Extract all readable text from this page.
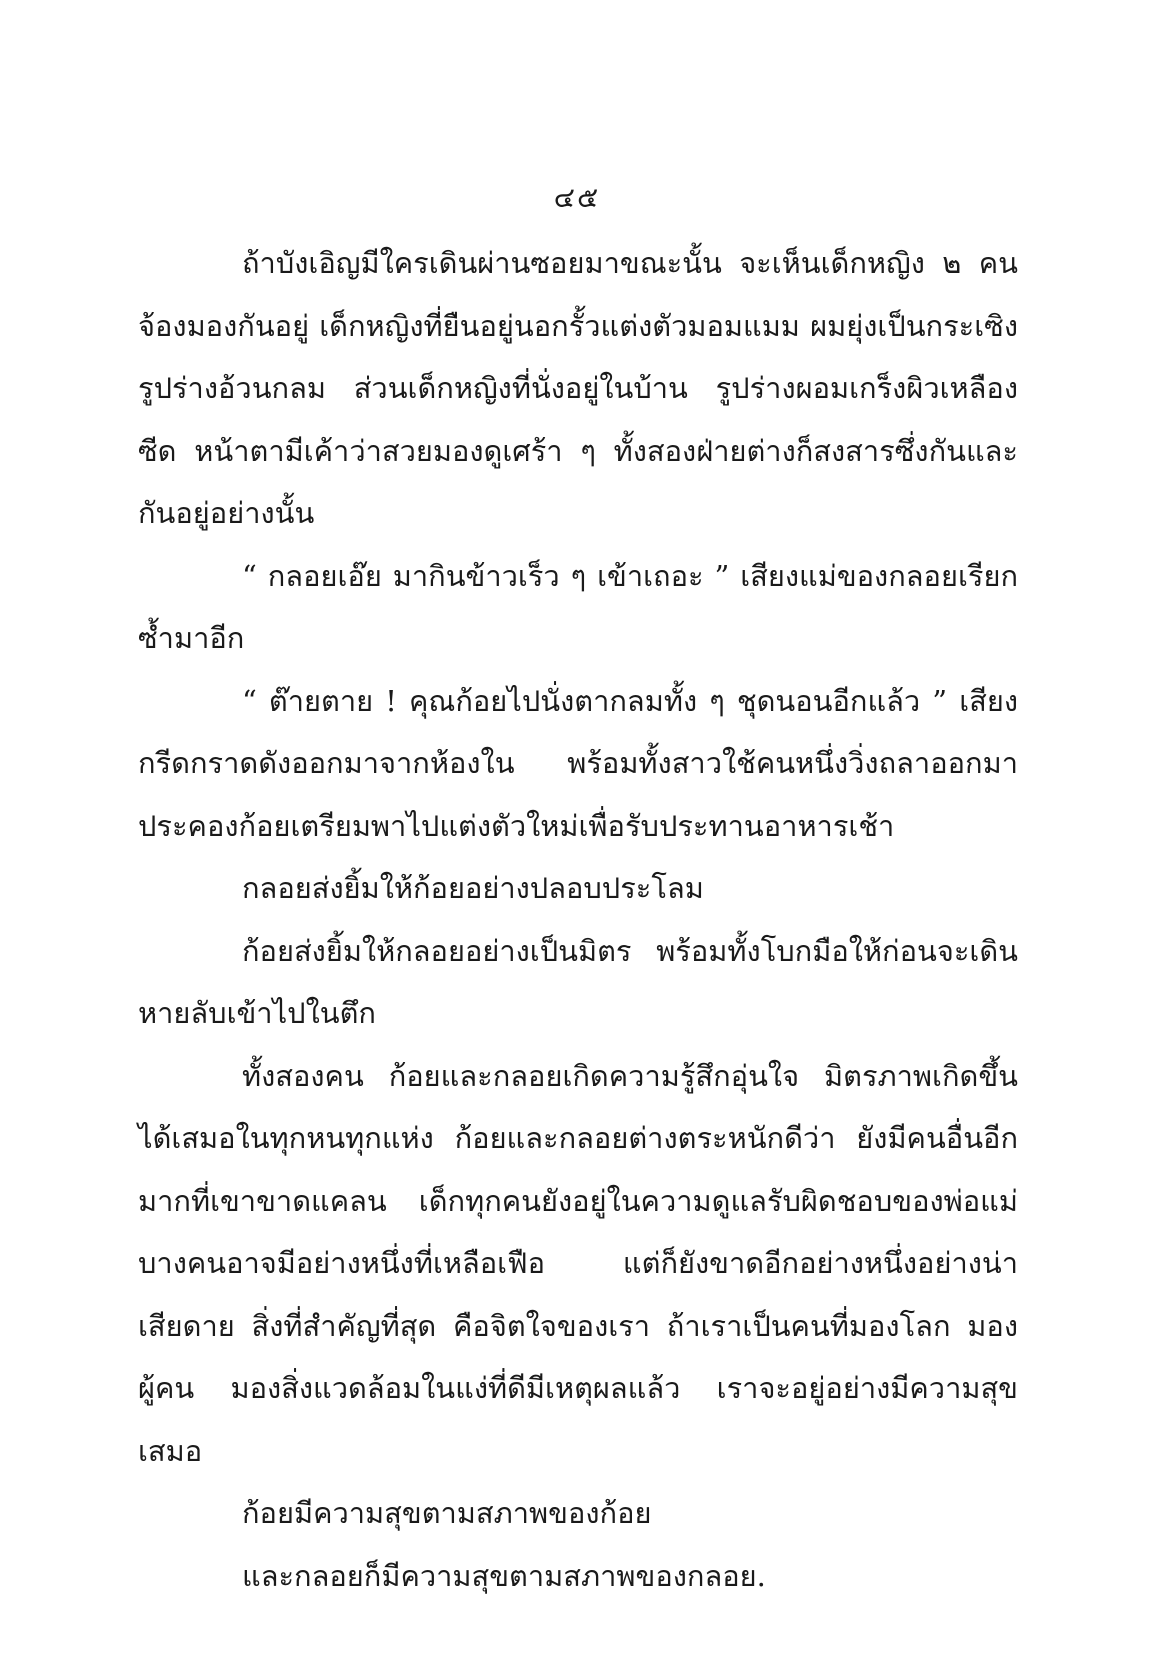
๔๕

ถ้าบังเอิญมีใครเดินผ่านซอยมาขณะนั้น จะเห็นเด็กหญิง ๒ คน จ้องมองกันอยู่ เด็กหญิงที่ยืนอยู่นอกรั้วแต่งตัวมอมแมม ผมยุ่งเป็นกระเซิง รูปร่างอ้วนกลม ส่วนเด็กหญิงที่นั่งอยู่ในบ้าน รูปร่างผอมเกร็งผิวเหลืองซีด หน้าตามีเค้าว่าสวยมองดูเศร้า ๆ ทั้งสองฝ่ายต่างก็สงสารซึ่งกันและกันอยู่อย่างนั้น

“ กลอยเอ๊ย มากินข้าวเร็ว ๆ เข้าเถอะ ” เสียงแม่ของกลอยเรียกซ้ำมาอีก

“ ต๊ายตาย ! คุณก้อยไปนั่งตากลมทั้ง ๆ ชุดนอนอีกแล้ว ” เสียงกรีดกราดดังออกมาจากห้องใน พร้อมทั้งสาวใช้คนหนึ่งวิ่งถลาออกมาประคองก้อยเตรียมพาไปแต่งตัวใหม่เพื่อรับประทานอาหารเช้า

กลอยส่งยิ้มให้ก้อยอย่างปลอบประโลม

ก้อยส่งยิ้มให้กลอยอย่างเป็นมิตร พร้อมทั้งโบกมือให้ก่อนจะเดินหายลับเข้าไปในตึก

ทั้งสองคน ก้อยและกลอยเกิดความรู้สึกอุ่นใจ มิตรภาพเกิดขึ้นได้เสมอในทุกหนทุกแห่ง ก้อยและกลอยต่างตระหนักดีว่า ยังมีคนอื่นอีกมากที่เขาขาดแคลน เด็กทุกคนยังอยู่ในความดูแลรับผิดชอบของพ่อแม่ บางคนอาจมีอย่างหนึ่งที่เหลือเฟือ แต่ก็ยังขาดอีกอย่างหนึ่งอย่างน่าเสียดาย สิ่งที่สำคัญที่สุด คือจิตใจของเรา ถ้าเราเป็นคนที่มองโลก มองผู้คน มองสิ่งแวดล้อมในแง่ที่ดีมีเหตุผลแล้ว เราจะอยู่อย่างมีความสุขเสมอ

ก้อยมีความสุขตามสภาพของก้อย

และกลอยก็มีความสุขตามสภาพของกลอย.
